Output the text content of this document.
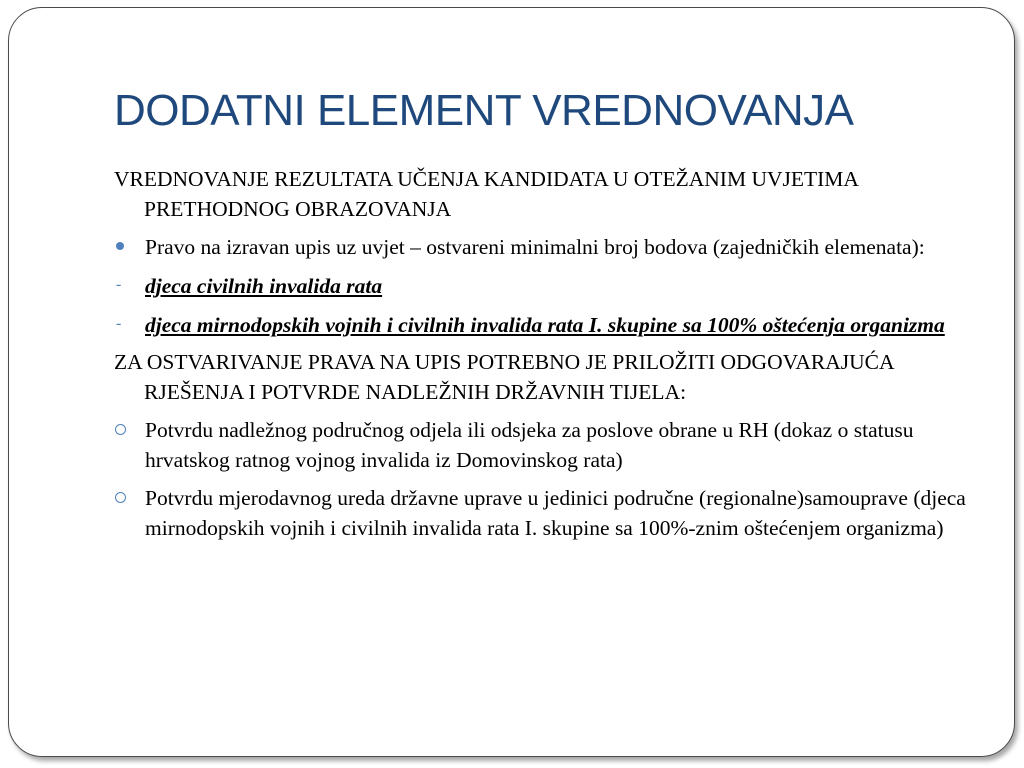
DODATNI ELEMENT VREDNOVANJA
VREDNOVANJE REZULTATA UČENJA KANDIDATA U OTEŽANIM UVJETIMA PRETHODNOG OBRAZOVANJA
Pravo na izravan upis uz uvjet – ostvareni minimalni broj bodova (zajedničkih elemenata):
- djeca civilnih invalida rata
- djeca mirnodopskih vojnih i civilnih invalida rata I. skupine sa 100% oštećenja organizma
ZA OSTVARIVANJE PRAVA NA UPIS POTREBNO JE PRILOŽITI ODGOVARAJUĆA RJEŠENJA I POTVRDE NADLEŽNIH DRŽAVNIH TIJELA:
Potvrdu nadležnog područnog odjela ili odsjeka za poslove obrane u RH (dokaz o statusu hrvatskog ratnog vojnog invalida iz Domovinskog rata)
Potvrdu mjerodavnog ureda državne uprave u jedinici područne (regionalne)samouprave (djeca mirnodopskih vojnih i civilnih invalida rata I. skupine sa 100%-znim oštećenjem organizma)
